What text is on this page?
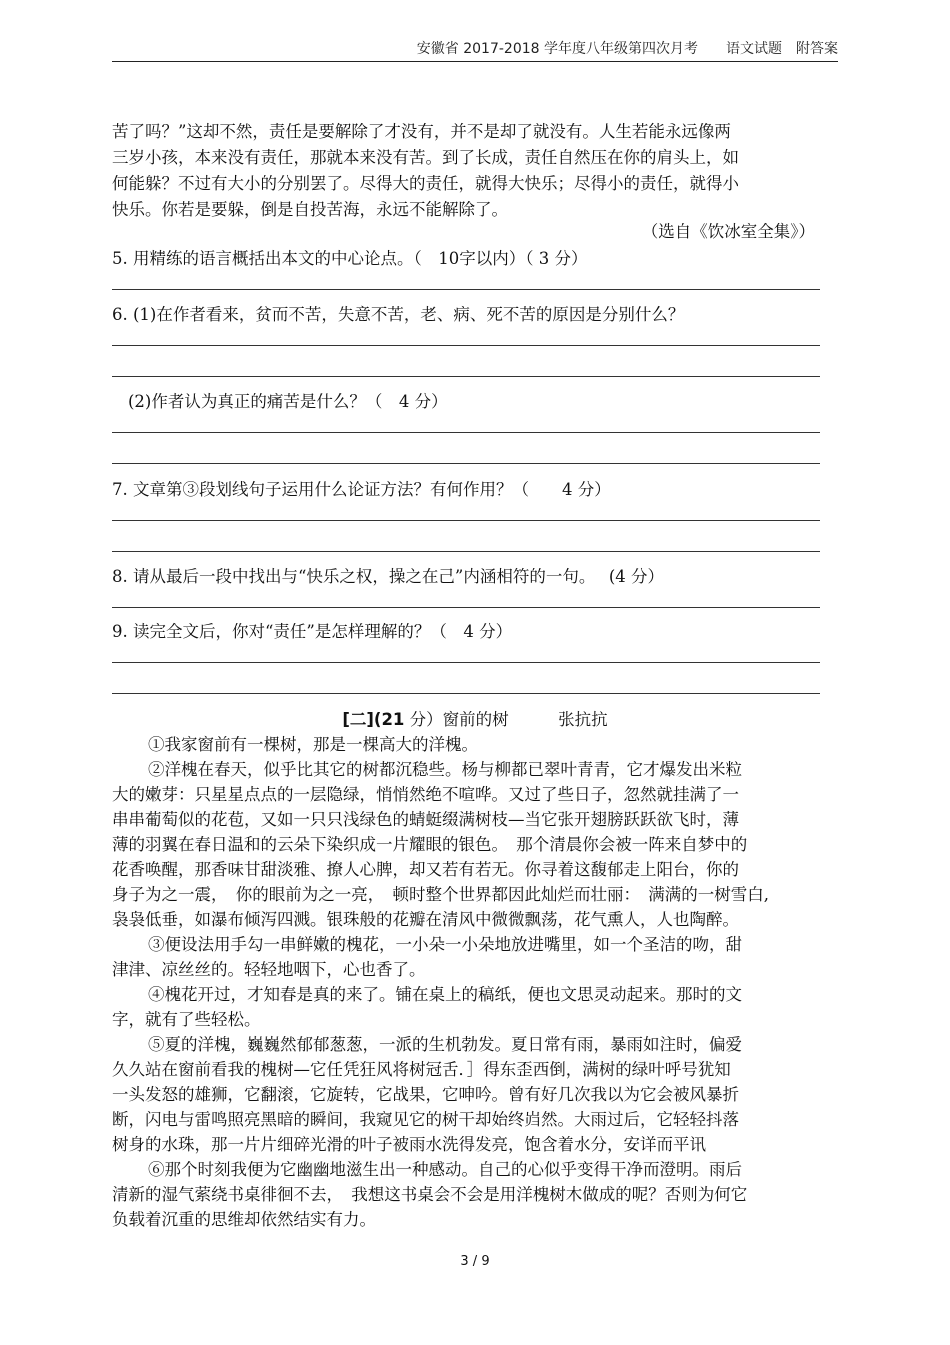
安徽省 2017-2018 学年度八年级第四次月考　　语文试题　附答案
苦了吗？”这却不然，责任是要解除了才没有，并不是却了就没有。人生若能永远像两
三岁小孩，本来没有责任，那就本来没有苦。到了长成，责任自然压在你的肩头上，如
何能躲？不过有大小的分别罢了。尽得大的责任，就得大快乐；尽得小的责任，就得小
快乐。你若是要躲，倒是自投苦海，永远不能解除了。
（选自《饮冰室全集》）
5. 用精练的语言概括出本文的中心论点。（　10字以内）（ 3 分）
6. (1)在作者看来，贫而不苦，失意不苦，老、病、死不苦的原因是分别什么？
(2)作者认为真正的痛苦是什么？（　4 分）
7. 文章第③段划线句子运用什么论证方法？有何作用？（　　4 分）
8. 请从最后一段中找出与“快乐之权，操之在己”内涵相符的一句。　 (4 分）
9. 读完全文后，你对“责任”是怎样理解的？（　4 分）
[二](21 分）窗前的树　　　张抗抗
①我家窗前有一棵树，那是一棵高大的洋槐。
②洋槐在春天，似乎比其它的树都沉稳些。杨与柳都已翠叶青青，它才爆发出米粒
大的嫩芽：只星星点点的一层隐绿，悄悄然绝不喧哗。又过了些日子，忽然就挂满了一
串串葡萄似的花苞，又如一只只浅绿色的蜻蜓缀满树枝—当它张开翅膀跃跃欲飞时，薄
薄的羽翼在春日温和的云朵下染织成一片耀眼的银色。　那个清晨你会被一阵来自梦中的
花香唤醒，那香味甘甜淡雅、撩人心脾，却又若有若无。你寻着这馥郁走上阳台，你的
身子为之一震，　你的眼前为之一亮，　顿时整个世界都因此灿烂而壮丽：　满满的一树雪白,
袅袅低垂，如瀑布倾泻四溅。银珠般的花瓣在清风中微微飘荡，花气熏人，人也陶醉。
③便设法用手勾一串鲜嫩的槐花，一小朵一小朵地放进嘴里，如一个圣洁的吻，甜
津津、凉丝丝的。轻轻地咽下，心也香了。
④槐花开过，才知春是真的来了。铺在桌上的稿纸，便也文思灵动起来。那时的文
字，就有了些轻松。
⑤夏的洋槐，巍巍然郁郁葱葱，一派的生机勃发。夏日常有雨，暴雨如注时，偏爱
久久站在窗前看我的槐树—它任凭狂风将树冠舌．］得东歪西倒，满树的绿叶呼号犹知
一头发怒的雄狮，它翻滚，它旋转，它战果，它呻吟。曾有好几次我以为它会被风暴折
断，闪电与雷鸣照亮黑暗的瞬间，我窥见它的树干却始终岿然。大雨过后，它轻轻抖落
树身的水珠，那一片片细碎光滑的叶子被雨水洗得发亮，饱含着水分，安详而平讯
⑥那个时刻我便为它幽幽地滋生出一种感动。自己的心似乎变得干净而澄明。雨后
清新的湿气萦绕书桌徘徊不去，　我想这书桌会不会是用洋槐树木做成的呢？否则为何它
负载着沉重的思维却依然结实有力。
3 / 9
